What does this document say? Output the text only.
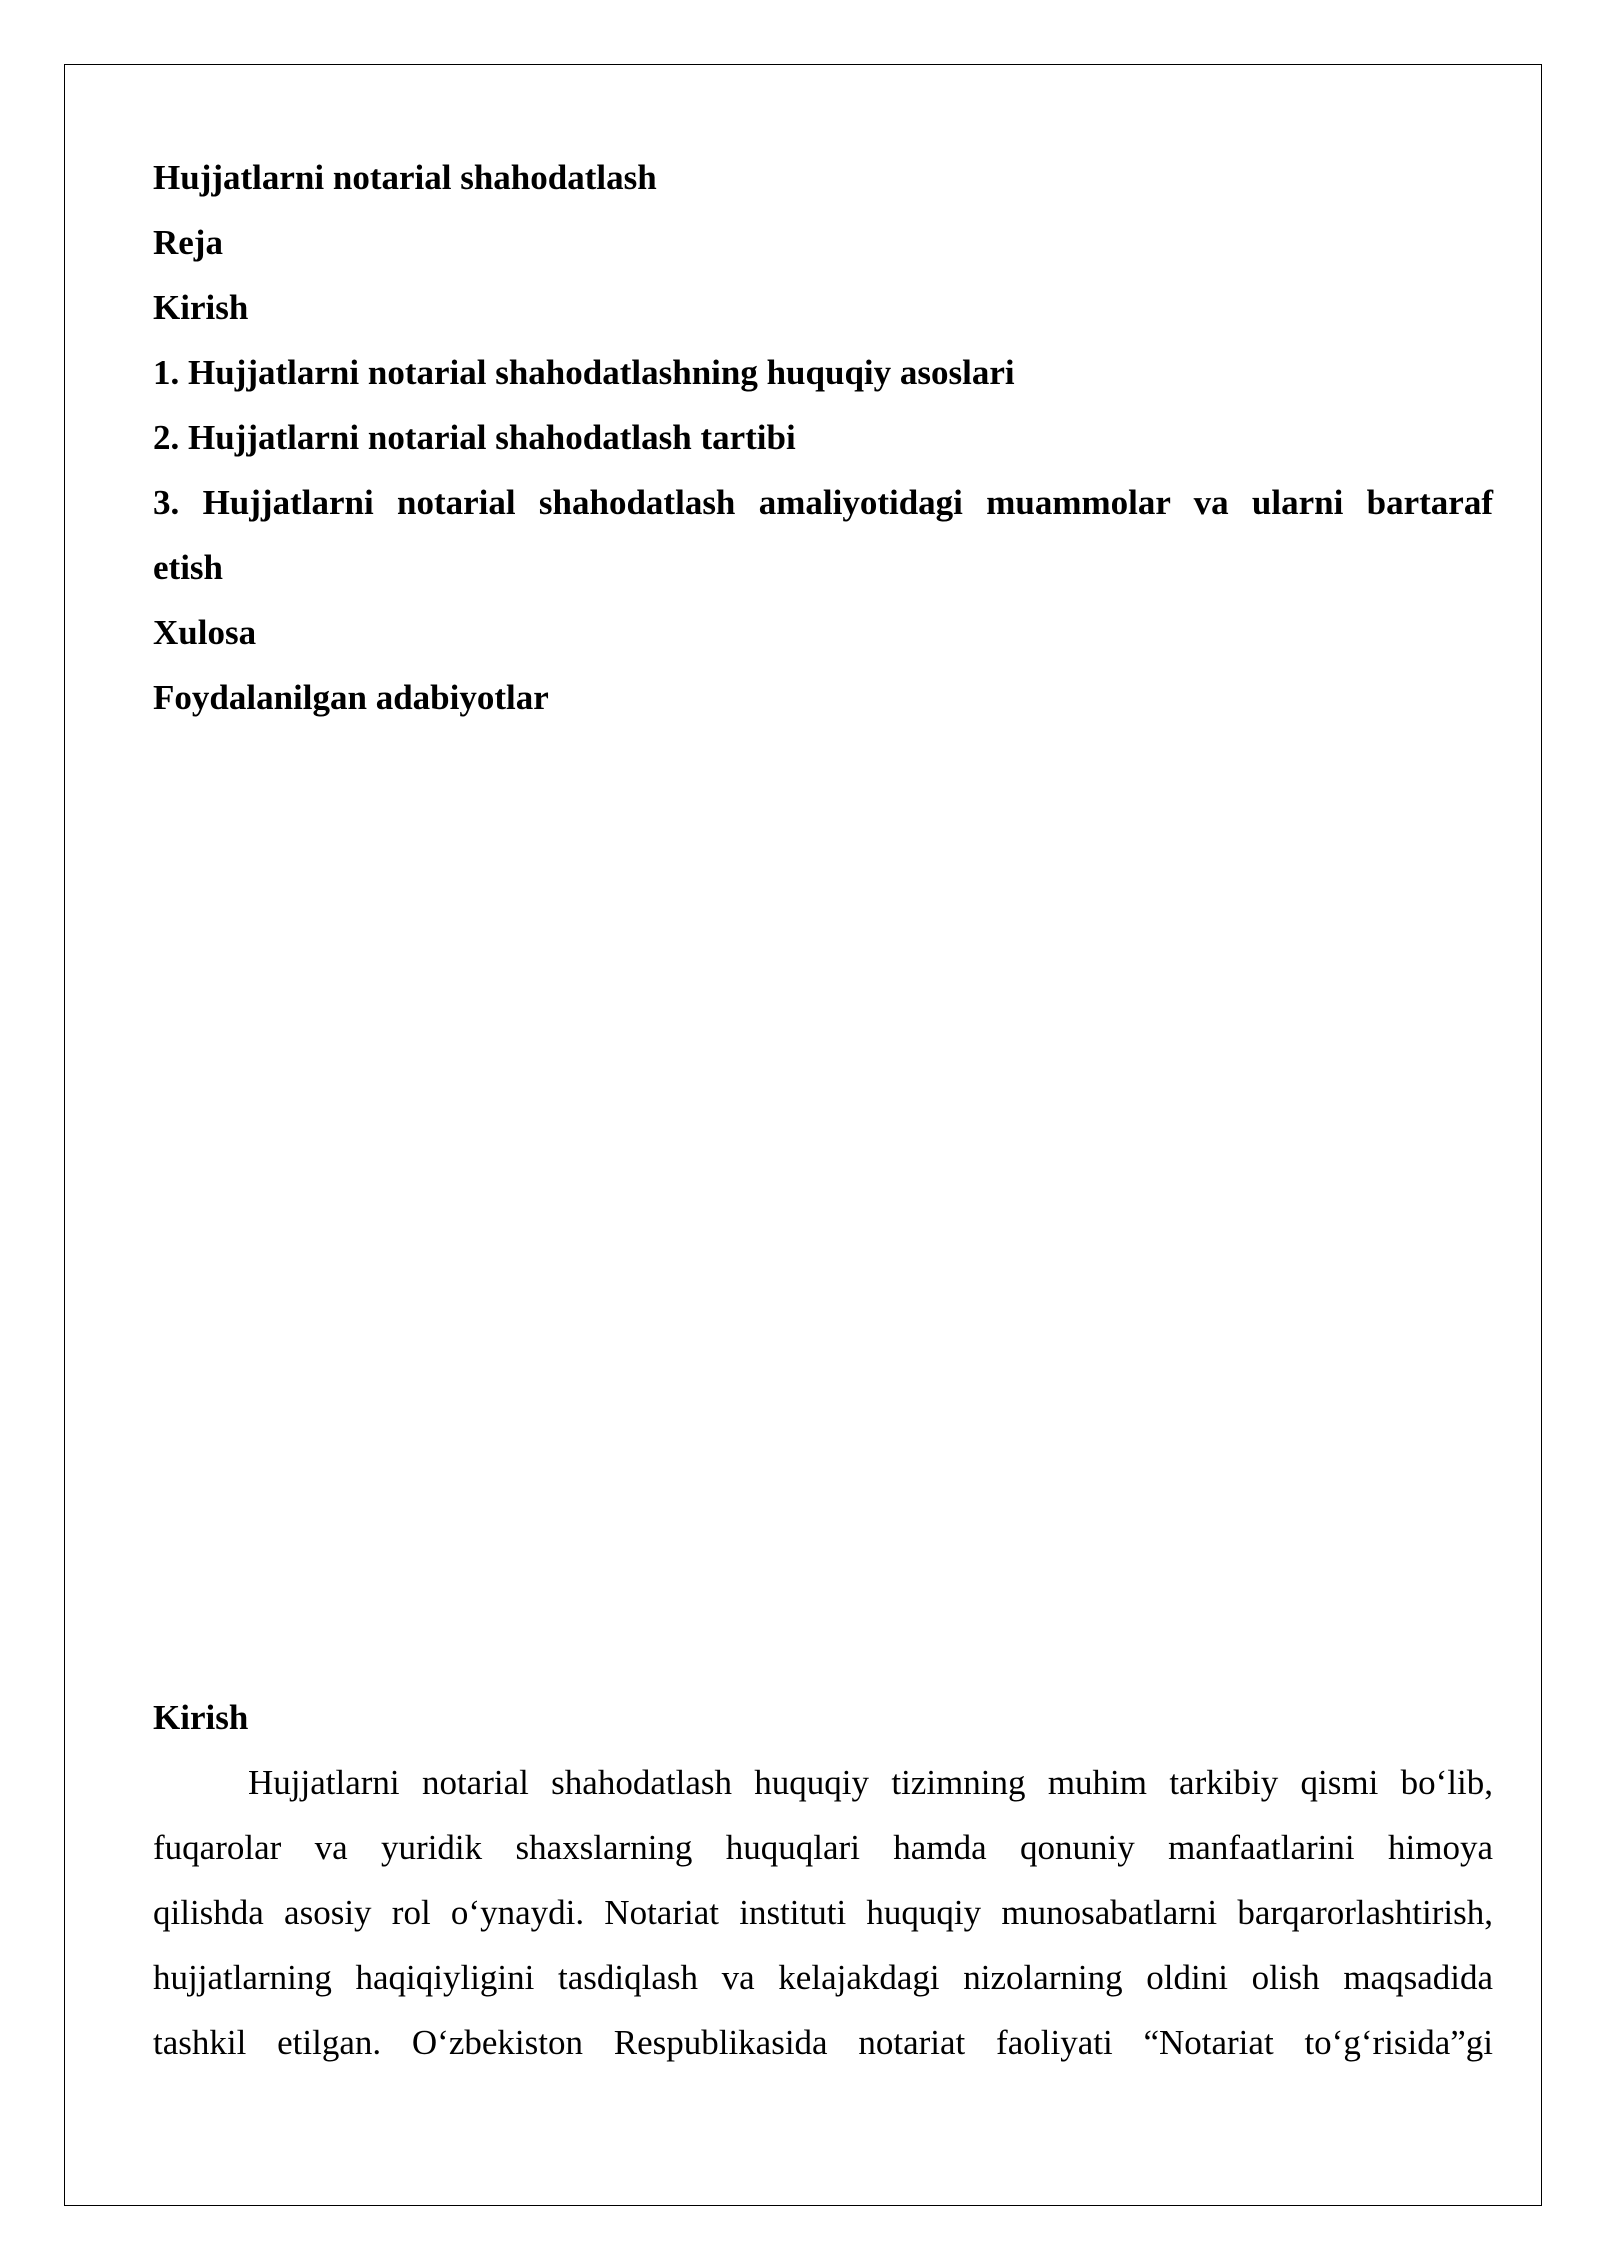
Hujjatlarni notarial shahodatlash

Reja

Kirish

1. Hujjatlarni notarial shahodatlashning huquqiy asoslari

2. Hujjatlarni notarial shahodatlash tartibi

3. Hujjatlarni notarial shahodatlash amaliyotidagi muammolar va ularni bartaraf

etish

Xulosa

Foydalanilgan adabiyotlar

Kirish

Hujjatlarni notarial shahodatlash huquqiy tizimning muhim tarkibiy qismi bo‘lib,
fuqarolar va yuridik shaxslarning huquqlari hamda qonuniy manfaatlarini himoya
qilishda asosiy rol o‘ynaydi. Notariat instituti huquqiy munosabatlarni barqarorlashtirish,
hujjatlarning haqiqiyligini tasdiqlash va kelajakdagi nizolarning oldini olish maqsadida
tashkil etilgan. O‘zbekiston Respublikasida notariat faoliyati “Notariat to‘g‘risida”gi
